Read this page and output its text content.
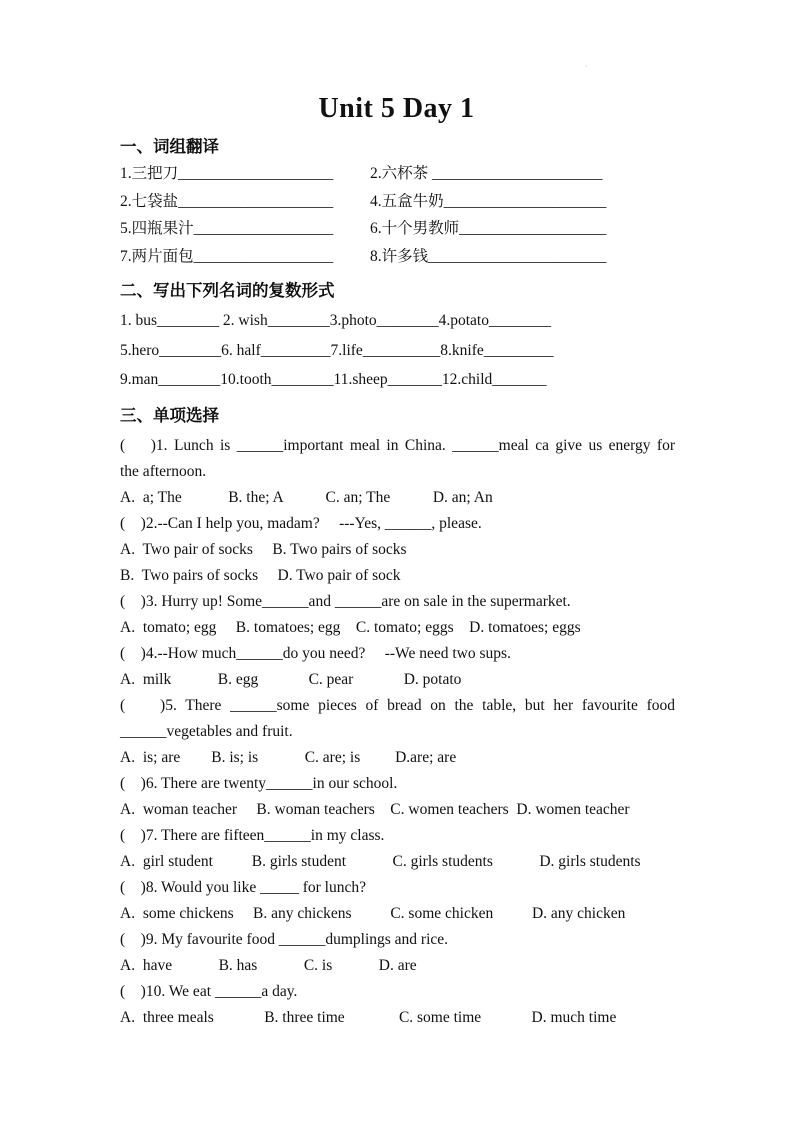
·
Unit 5 Day 1
一、词组翻译
1.三把刀____________________	2.六杯茶 ______________________
2.七袋盐____________________	4.五盒牛奶_____________________
5.四瓶果汁__________________	6.十个男教师___________________
7.两片面包__________________	8.许多钱_______________________
二、写出下列名词的复数形式
1. bus________ 2. wish________3.photo________4.potato________
5.hero________6. half_________7.life__________8.knife_________
9.man________10.tooth________11.sheep_______12.child_______
三、单项选择
(    )1. Lunch is ______important meal in China. ______meal ca give us energy for
the afternoon.
A.  a; The            B. the; A           C. an; The           D. an; An
(    )2.--Can I help you, madam?     ---Yes, ______, please.
A.  Two pair of socks     B. Two pairs of socks
B.  Two pairs of socks     D. Two pair of sock
(    )3. Hurry up! Some______and ______are on sale in the supermarket.
A.  tomato; egg     B. tomatoes; egg    C. tomato; eggs    D. tomatoes; eggs
(    )4.--How much______do you need?     --We need two sups.
A.  milk            B. egg             C. pear             D. potato
(    )5. There ______some pieces of bread on the table, but her favourite food
______vegetables and fruit.
A.  is; are        B. is; is            C. are; is         D.are; are
(    )6. There are twenty______in our school.
A.  woman teacher     B. woman teachers    C. women teachers  D. women teacher
(    )7. There are fifteen______in my class.
A.  girl student          B. girls student            C. girls students            D. girls students
(    )8. Would you like _____ for lunch?
A.  some chickens     B. any chickens          C. some chicken          D. any chicken
(    )9. My favourite food ______dumplings and rice.
A.  have            B. has            C. is            D. are
(    )10. We eat ______a day.
A.  three meals             B. three time              C. some time             D. much time
